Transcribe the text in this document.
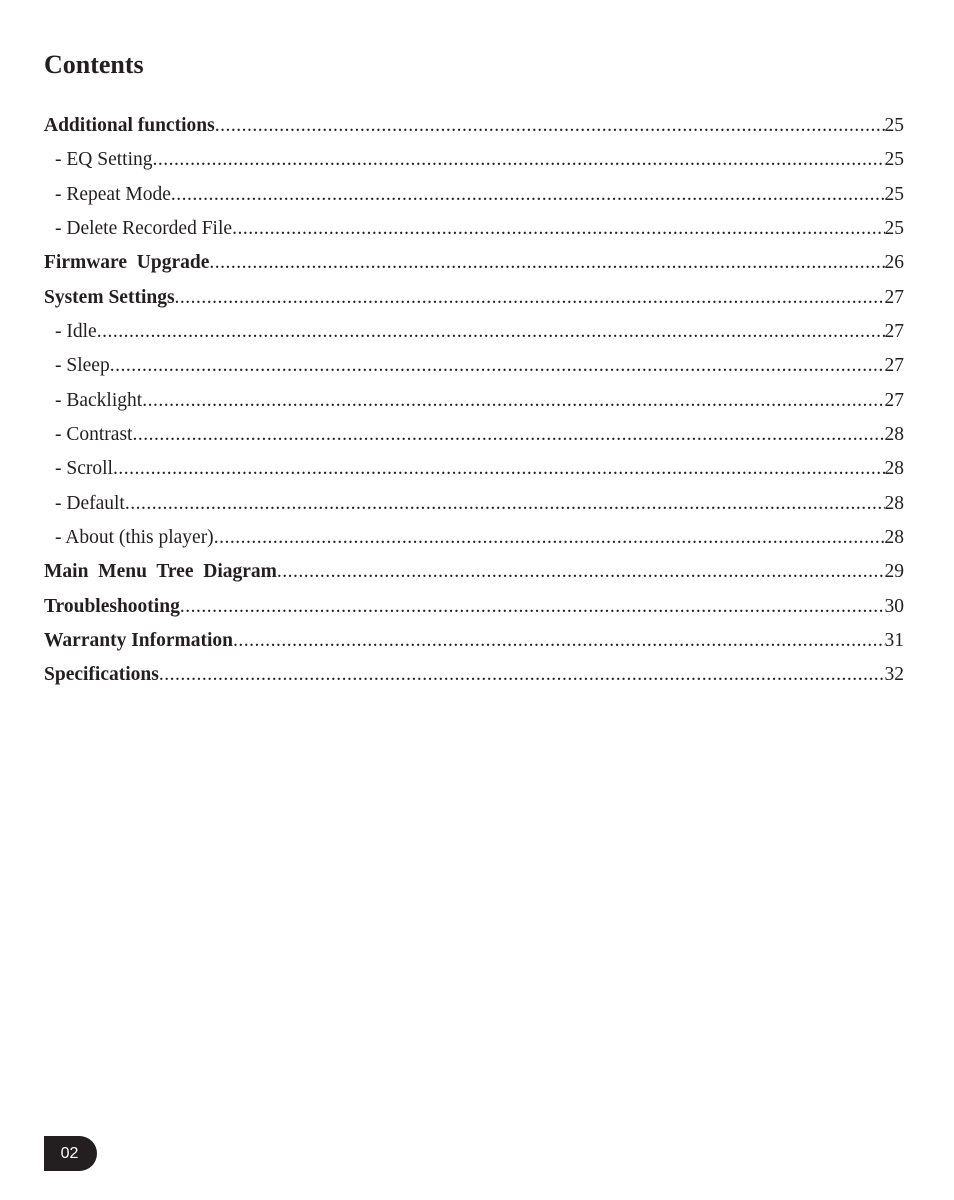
Contents
Additional functions .....	25
- EQ Setting .....	25
- Repeat Mode .....	25
- Delete Recorded File .....	25
Firmware  Upgrade .....	26
System Settings .....	27
- Idle .....	27
- Sleep .....	27
- Backlight .....	27
- Contrast .....	28
- Scroll .....	28
- Default .....	28
- About (this player) .....	28
Main  Menu  Tree  Diagram .....	29
Troubleshooting .....	30
Warranty Information .....	31
Specifications .....	32
02
